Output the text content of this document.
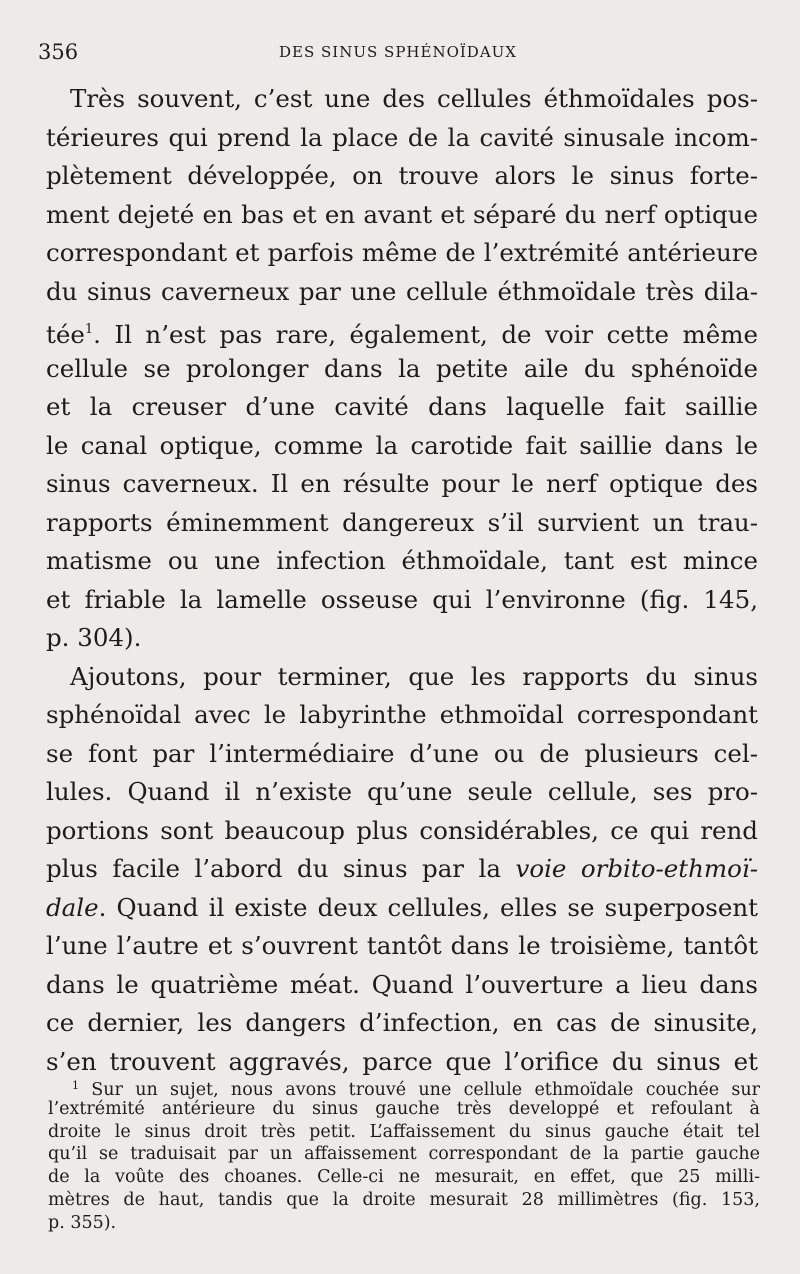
356	DES SINUS SPHÉNOÏDAUX
Très souvent, c’est une des cellules éthmoïdales pos-
térieures qui prend la place de la cavité sinusale incom-
plètement développée, on trouve alors le sinus forte-
ment dejeté en bas et en avant et séparé du nerf optique
correspondant et parfois même de l’extrémité antérieure
du sinus caverneux par une cellule éthmoïdale très dila-
tée$^1$. Il n’est pas rare, également, de voir cette même
cellule se prolonger dans la petite aile du sphénoïde
et la creuser d’une cavité dans laquelle fait saillie
le canal optique, comme la carotide fait saillie dans le
sinus caverneux. Il en résulte pour le nerf optique des
rapports éminemment dangereux s’il survient un trau-
matisme ou une infection éthmoïdale, tant est mince
et friable la lamelle osseuse qui l’environne (fig. 145,
p. 304).
Ajoutons, pour terminer, que les rapports du sinus
sphénoïdal avec le labyrinthe ethmoïdal correspondant
se font par l’intermédiaire d’une ou de plusieurs cel-
lules. Quand il n’existe qu’une seule cellule, ses pro-
portions sont beaucoup plus considérables, ce qui rend
plus facile l’abord du sinus par la voie orbito-ethmoï-
dale. Quand il existe deux cellules, elles se superposent
l’une l’autre et s’ouvrent tantôt dans le troisième, tantôt
dans le quatrième méat. Quand l’ouverture a lieu dans
ce dernier, les dangers d’infection, en cas de sinusite,
s’en trouvent aggravés, parce que l’orifice du sinus et
$^1$ Sur un sujet, nous avons trouvé une cellule ethmoïdale couchée sur
l’extrémité antérieure du sinus gauche très developpé et refoulant à
droite le sinus droit très petit. L’affaissement du sinus gauche était tel
qu’il se traduisait par un affaissement correspondant de la partie gauche
de la voûte des choanes. Celle-ci ne mesurait, en effet, que 25 milli-
mètres de haut, tandis que la droite mesurait 28 millimètres (fig. 153,
p. 355).
